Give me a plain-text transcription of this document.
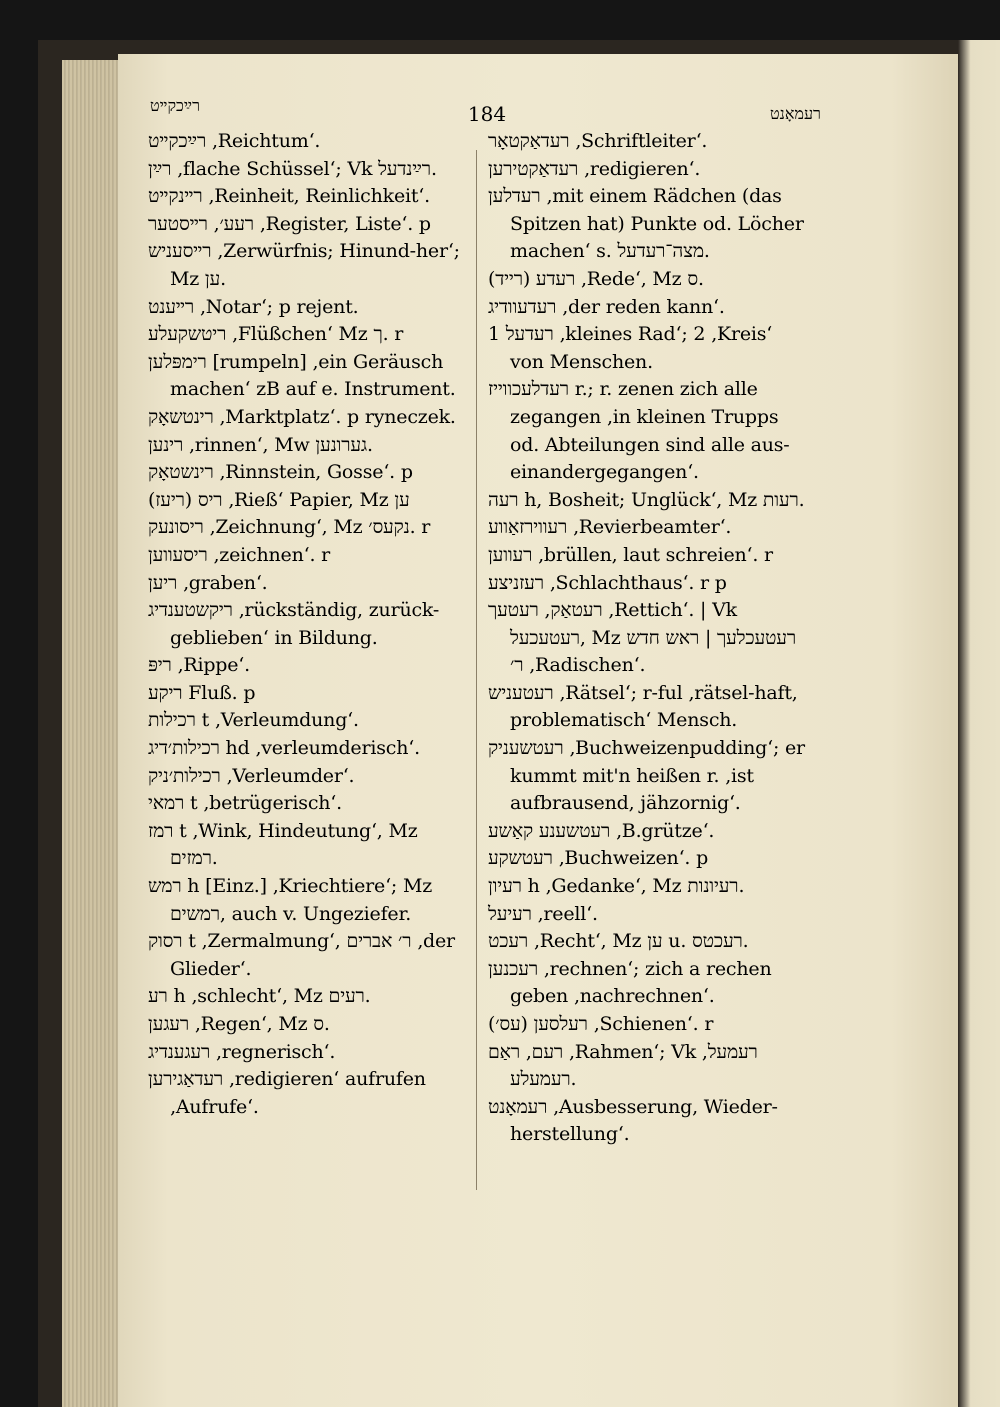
רײַכקײט	184	רעמאָנט

רײַכקײט ‚Reichtum‘.

רײַן ‚flache Schüssel‘; Vk רײַנדעל.

רײנקײט ‚Reinheit, Reinlichkeit‘.

רעע׳, רײסטער ‚Register, Liste‘. p

רײסעניש ‚Zerwürfnis; Hinund-her‘; Mz ען.

רײענט ‚Notar‘; p rejent.

ריטשקעלע ‚Flüßchen‘ Mz ך. r

רימפּלען [rumpeln] ‚ein Geräusch machen‘ zB auf e. Instrument.

רינטשאָק ‚Marktplatz‘. p ryneczek.

רינען ‚rinnen‘, Mw גערונען.

רינשטאָק ‚Rinnstein, Gosse‘. p

ריס (ריעז) ‚Rieß‘ Papier, Mz ען

ריסונעק ‚Zeichnung‘, Mz נקעס׳. r

ריסעווען ‚zeichnen‘. r

ריען ‚graben‘.

ריקשטענדיג ‚rückständig, zurück-geblieben‘ in Bildung.

ריפּ ‚Rippe‘.

ריקע Fluß. p

רכילות t ‚Verleumdung‘.

רכילות׳דיג hd ‚verleumderisch‘.

רכילות׳ניק ‚Verleumder‘.

רמאי t ‚betrügerisch‘.

רמז t ‚Wink, Hindeutung‘, Mz רמזים.

רמש h [Einz.] ‚Kriechtiere‘; Mz רמשים, auch v. Ungeziefer.

רסוק t ‚Zermalmung‘, ר׳ אברים ‚der Glieder‘.

רע h ‚schlecht‘, Mz רעים.

רעגען ‚Regen‘, Mz ס.

רעגענדיג ‚regnerisch‘.

רעדאַגירען ‚redigieren‘ aufrufen ‚Aufrufe‘.

רעדאַקטאָר ‚Schriftleiter‘.

רעדאַקטירען ‚redigieren‘.

רעדלען ‚mit einem Rädchen (das Spitzen hat) Punkte od. Löcher machen‘ s. מצה־רעדעל.

רעדע (רייד) ‚Rede‘, Mz ס.

רעדעוודיג ‚der reden kann‘.

רעדעל 1 ‚kleines Rad‘; 2 ‚Kreis‘ von Menschen.

רעדלעכווייז r.; r. zenen zich alle zegangen ‚in kleinen Trupps od. Abteilungen sind alle aus-einandergegangen‘.

רעה h, Bosheit; Unglück‘, Mz רעות.

רעווירזאַווע ‚Revierbeamter‘.

רעווען ‚brüllen, laut schreien‘. r

רעזניצע ‚Schlachthaus‘. r p

רעטאַק, רעטעך ‚Rettich‘. | Vk רעטעכעל, Mz רעטעכלעך | ראש חדש ר׳ ‚Radischen‘.

רעטעניש ‚Rätsel‘; r-ful ‚rätsel-haft, problematisch‘ Mensch.

רעטשעניק ‚Buchweizenpudding‘; er kummt mit'n heißen r. ‚ist aufbrausend, jähzornig‘.

רעטשענע קאַשע ‚B.grütze‘.

רעטשקע ‚Buchweizen‘. p

רעיון h ‚Gedanke‘, Mz רעיונות.

רעיעל ‚reell‘.

רעכט ‚Recht‘, Mz ען u. רעכטס.

רעכנען ‚rechnen‘; zich a rechen geben ‚nachrechnen‘.

רעלסען (עס׳) ‚Schienen‘. r

רעם, ראַם ‚Rahmen‘; Vk רעמעל, רעמעלע.

רעמאָנט ‚Ausbesserung, Wieder-herstellung‘.
